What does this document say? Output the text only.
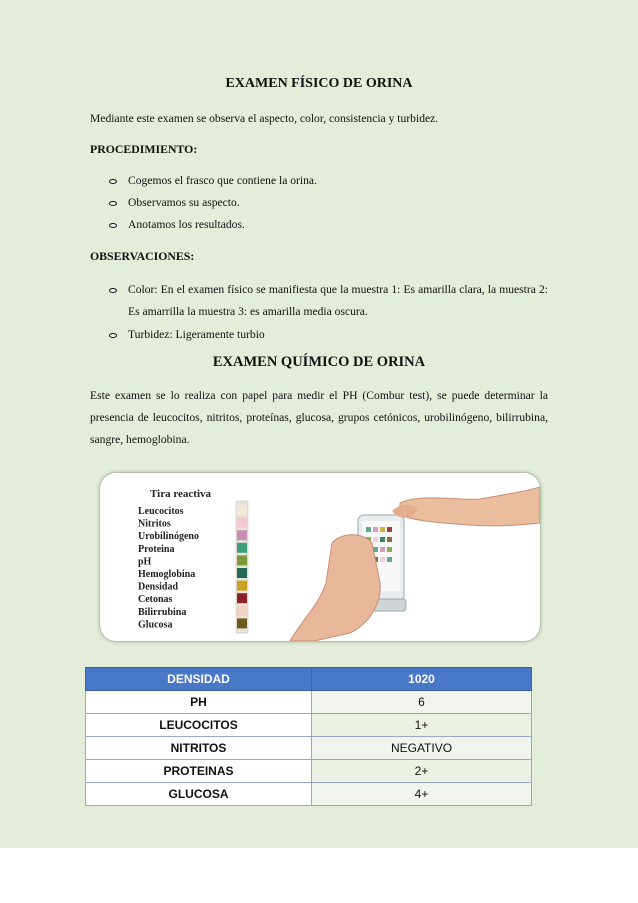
EXAMEN FÍSICO DE ORINA
Mediante este examen se observa el aspecto, color, consistencia y turbidez.
PROCEDIMIENTO:
Cogemos el frasco que contiene la orina.
Observamos su aspecto.
Anotamos los resultados.
OBSERVACIONES:
Color: En el examen físico se manifiesta que la muestra 1: Es amarilla clara, la muestra 2: Es amarrilla la muestra 3: es amarilla media oscura.
Turbidez: Ligeramente turbio
EXAMEN QUÍMICO DE ORINA
Este examen se lo realiza con papel para medir el PH (Combur test), se puede determinar la presencia de leucocitos, nitritos, proteínas, glucosa, grupos cetónicos, urobilinógeno, bilirrubina, sangre, hemoglobina.
Tira reactiva
Leucocitos
Nitritos
Urobilinógeno
Proteina
pH
Hemoglobina
Densidad
Cetonas
Bilirrubina
Glucosa
DENSIDAD	1020
PH	6
LEUCOCITOS	1+
NITRITOS	NEGATIVO
PROTEINAS	2+
GLUCOSA	4+
